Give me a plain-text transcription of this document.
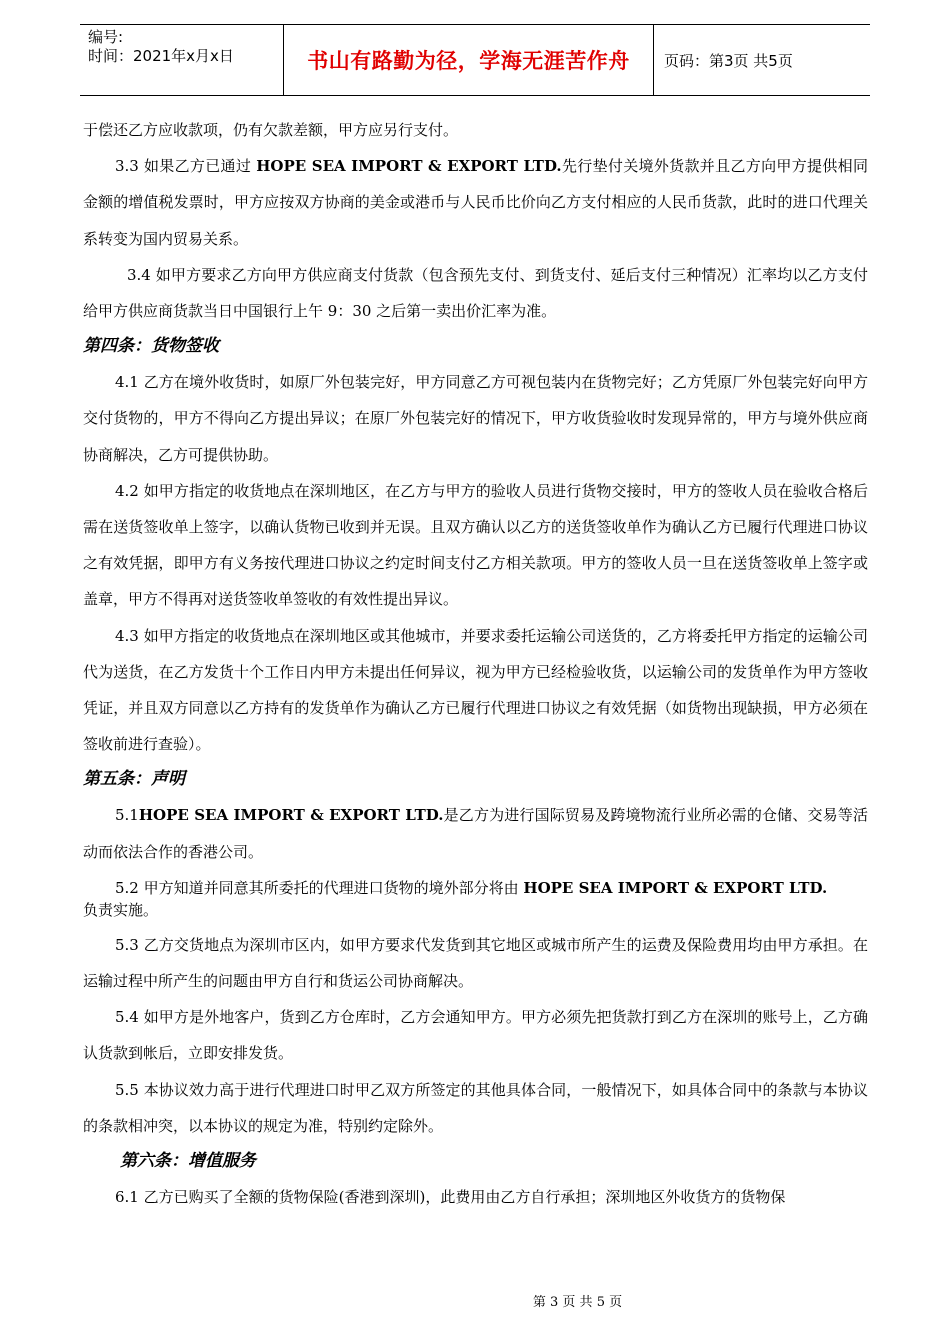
编号:
时间：2021年x月x日	书山有路勤为径，学海无涯苦作舟	页码：第3页 共5页

于偿还乙方应收款项，仍有欠款差额，甲方应另行支付。

3.3 如果乙方已通过 HOPE SEA IMPORT & EXPORT LTD.先行垫付关境外货款并且乙方向甲方提供相同金额的增值税发票时，甲方应按双方协商的美金或港币与人民币比价向乙方支付相应的人民币货款，此时的进口代理关系转变为国内贸易关系。

3.4 如甲方要求乙方向甲方供应商支付货款（包含预先支付、到货支付、延后支付三种情况）汇率均以乙方支付给甲方供应商货款当日中国银行上午 9：30 之后第一卖出价汇率为准。

第四条：货物签收

4.1 乙方在境外收货时，如原厂外包装完好，甲方同意乙方可视包装内在货物完好；乙方凭原厂外包装完好向甲方交付货物的，甲方不得向乙方提出异议；在原厂外包装完好的情况下，甲方收货验收时发现异常的，甲方与境外供应商协商解决，乙方可提供协助。

4.2 如甲方指定的收货地点在深圳地区，在乙方与甲方的验收人员进行货物交接时，甲方的签收人员在验收合格后需在送货签收单上签字，以确认货物已收到并无误。且双方确认以乙方的送货签收单作为确认乙方已履行代理进口协议之有效凭据，即甲方有义务按代理进口协议之约定时间支付乙方相关款项。甲方的签收人员一旦在送货签收单上签字或盖章，甲方不得再对送货签收单签收的有效性提出异议。

4.3 如甲方指定的收货地点在深圳地区或其他城市，并要求委托运输公司送货的，乙方将委托甲方指定的运输公司代为送货，在乙方发货十个工作日内甲方未提出任何异议，视为甲方已经检验收货，以运输公司的发货单作为甲方签收凭证，并且双方同意以乙方持有的发货单作为确认乙方已履行代理进口协议之有效凭据（如货物出现缺损，甲方必须在签收前进行查验）。

第五条：声明

5.1HOPE SEA IMPORT & EXPORT LTD.是乙方为进行国际贸易及跨境物流行业所必需的仓储、交易等活动而依法合作的香港公司。

5.2 甲方知道并同意其所委托的代理进口货物的境外部分将由 HOPE SEA IMPORT & EXPORT LTD.
负责实施。

5.3 乙方交货地点为深圳市区内，如甲方要求代发货到其它地区或城市所产生的运费及保险费用均由甲方承担。在运输过程中所产生的问题由甲方自行和货运公司协商解决。

5.4 如甲方是外地客户，货到乙方仓库时，乙方会通知甲方。甲方必须先把货款打到乙方在深圳的账号上，乙方确认货款到帐后，立即安排发货。

5.5 本协议效力高于进行代理进口时甲乙双方所签定的其他具体合同，一般情况下，如具体合同中的条款与本协议的条款相冲突，以本协议的规定为准，特别约定除外。

第六条：增值服务

6.1 乙方已购买了全额的货物保险(香港到深圳)，此费用由乙方自行承担；深圳地区外收货方的货物保

第 3 页 共 5 页
